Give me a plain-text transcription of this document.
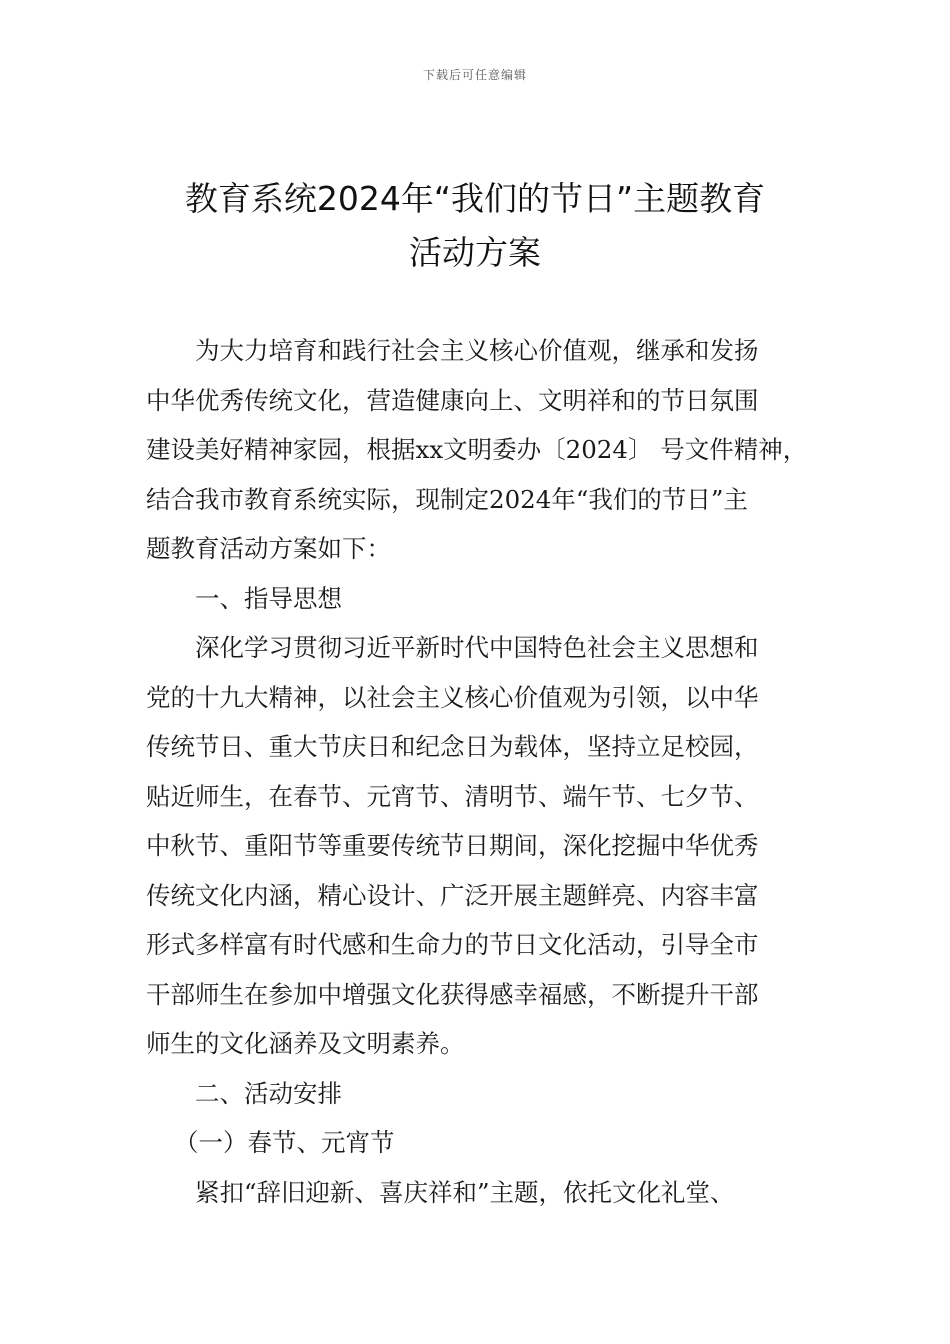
下载后可任意编辑
教育系统2024年“我们的节日”主题教育
活动方案
为大力培育和践行社会主义核心价值观，继承和发扬
中华优秀传统文化，营造健康向上、文明祥和的节日氛围
建设美好精神家园，根据xx文明委办〔2024〕 号文件精神，
结合我市教育系统实际，现制定2024年“我们的节日”主
题教育活动方案如下：
一、指导思想
深化学习贯彻习近平新时代中国特色社会主义思想和
党的十九大精神，以社会主义核心价值观为引领，以中华
传统节日、重大节庆日和纪念日为载体，坚持立足校园，
贴近师生，在春节、元宵节、清明节、端午节、七夕节、
中秋节、重阳节等重要传统节日期间，深化挖掘中华优秀
传统文化内涵，精心设计、广泛开展主题鲜亮、内容丰富
形式多样富有时代感和生命力的节日文化活动，引导全市
干部师生在参加中增强文化获得感幸福感，不断提升干部
师生的文化涵养及文明素养。
二、活动安排
（一）春节、元宵节
紧扣“辞旧迎新、喜庆祥和”主题，依托文化礼堂、
